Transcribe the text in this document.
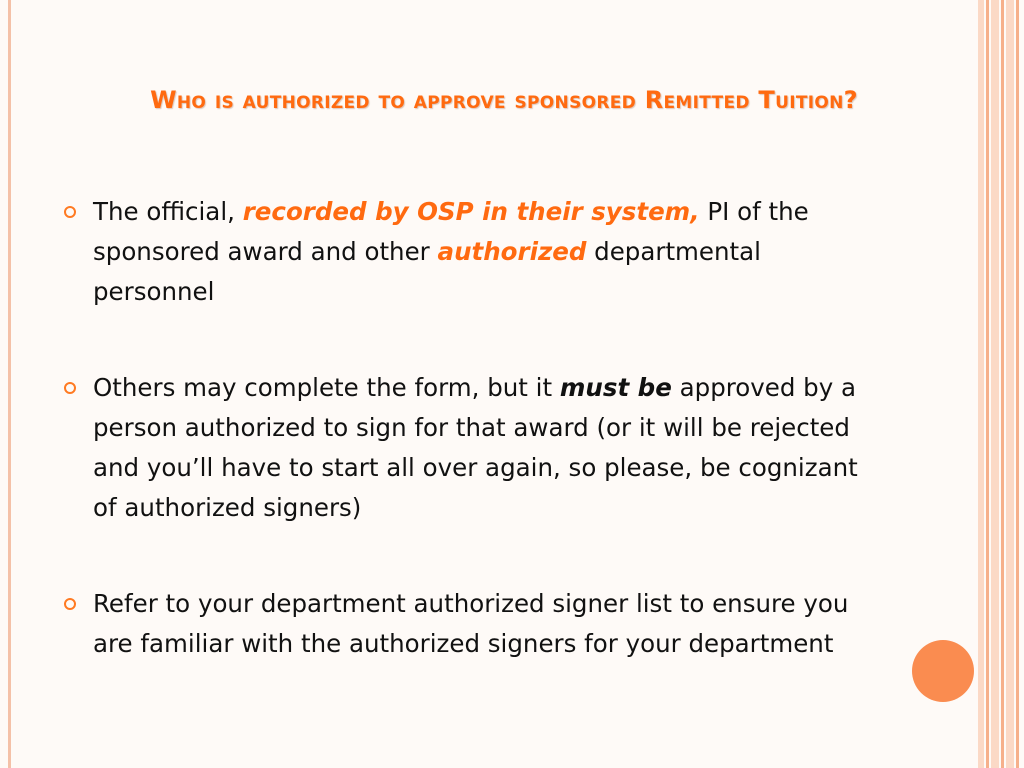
Who is authorized to approve sponsored Remitted Tuition?
The official, recorded by OSP in their system, PI of the sponsored award and other authorized departmental personnel
Others may complete the form, but it must be approved by a person authorized to sign for that award (or it will be rejected and you’ll have to start all over again, so please, be cognizant of authorized signers)
Refer to your department authorized signer list to ensure you are familiar with the authorized signers for your department
